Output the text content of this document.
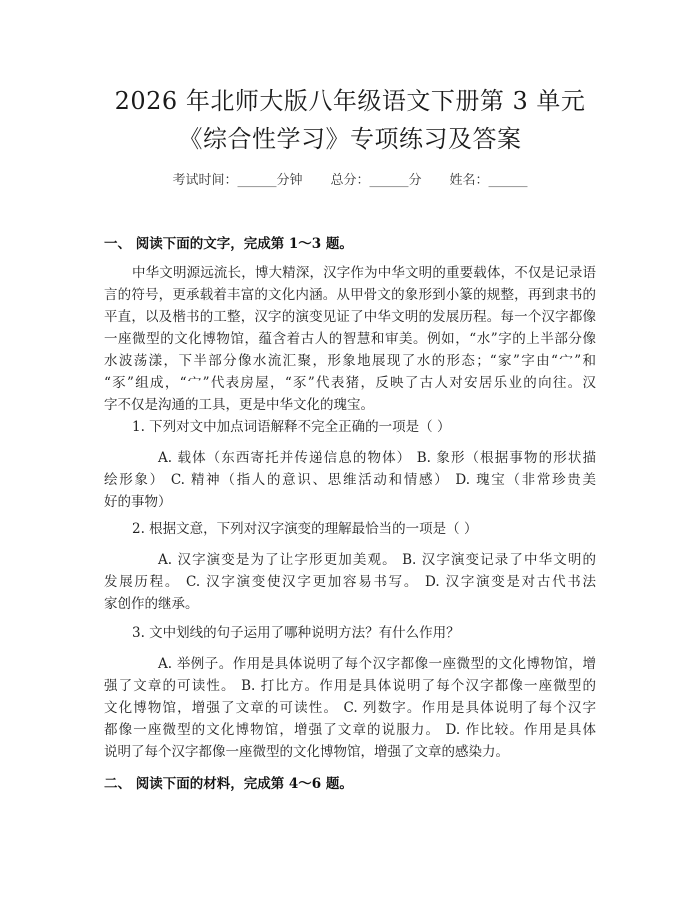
2026 年北师大版八年级语文下册第 3 单元
《综合性学习》专项练习及答案
考试时间：______分钟 总分：______分 姓名：______
一、 阅读下面的文字，完成第 1～3 题。
中华文明源远流长，博大精深，汉字作为中华文明的重要载体，不仅是记录语
言的符号，更承载着丰富的文化内涵。从甲骨文的象形到小篆的规整，再到隶书的
平直，以及楷书的工整，汉字的演变见证了中华文明的发展历程。每一个汉字都像
一座微型的文化博物馆，蕴含着古人的智慧和审美。例如，“水”字的上半部分像
水波荡漾，下半部分像水流汇聚，形象地展现了水的形态；“家”字由“宀”和
“豕”组成，“宀”代表房屋，“豕”代表猪，反映了古人对安居乐业的向往。汉
字不仅是沟通的工具，更是中华文化的瑰宝。
1. 下列对文中加点词语解释不完全正确的一项是（ ）
A. 载体（东西寄托并传递信息的物体） B. 象形（根据事物的形状描
绘形象） C. 精神（指人的意识、思维活动和情感） D. 瑰宝（非常珍贵美
好的事物）
2. 根据文意，下列对汉字演变的理解最恰当的一项是（ ）
A. 汉字演变是为了让字形更加美观。 B. 汉字演变记录了中华文明的
发展历程。 C. 汉字演变使汉字更加容易书写。 D. 汉字演变是对古代书法
家创作的继承。
3. 文中划线的句子运用了哪种说明方法？有什么作用？
A. 举例子。作用是具体说明了每个汉字都像一座微型的文化博物馆，增
强了文章的可读性。 B. 打比方。作用是具体说明了每个汉字都像一座微型的
文化博物馆，增强了文章的可读性。 C. 列数字。作用是具体说明了每个汉字
都像一座微型的文化博物馆，增强了文章的说服力。 D. 作比较。作用是具体
说明了每个汉字都像一座微型的文化博物馆，增强了文章的感染力。
二、 阅读下面的材料，完成第 4～6 题。
